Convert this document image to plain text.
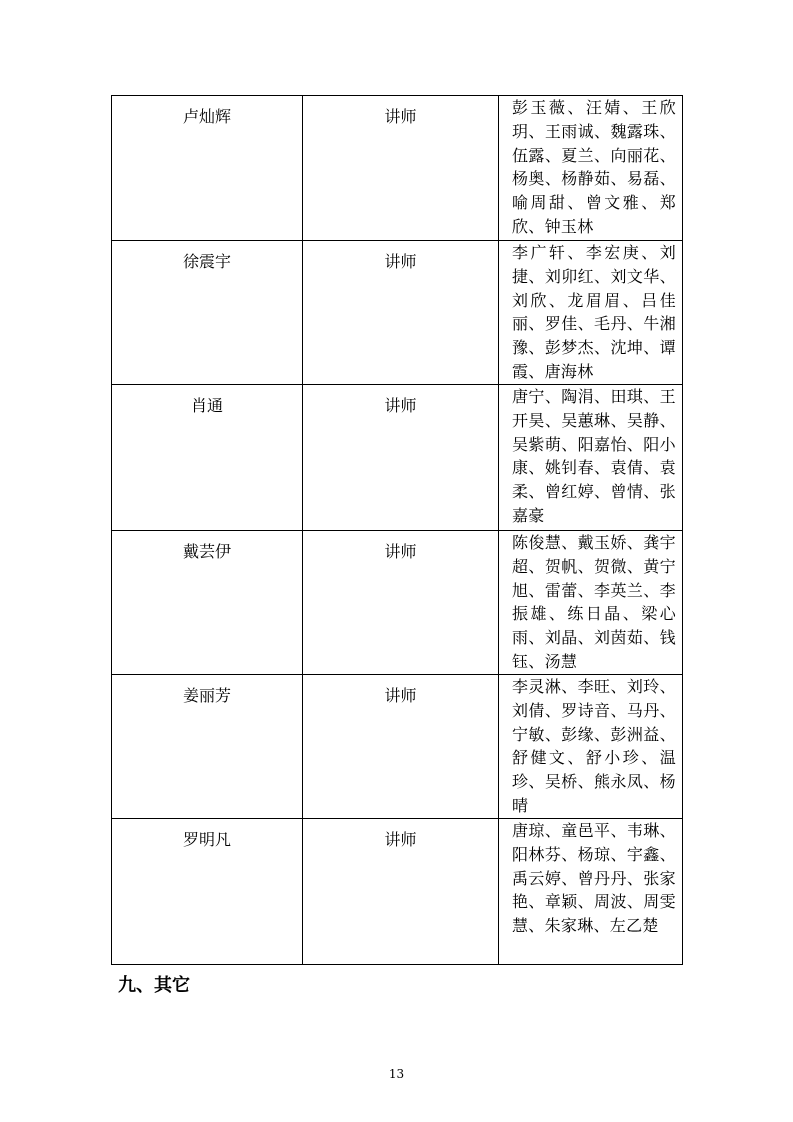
卢灿辉	讲师	彭玉薇、汪婧、王欣玥、王雨诚、魏露珠、伍露、夏兰、向丽花、杨奥、杨静茹、易磊、喻周甜、曾文雅、郑欣、钟玉林
徐震宇	讲师	李广轩、李宏庚、刘捷、刘卯红、刘文华、刘欣、龙眉眉、吕佳丽、罗佳、毛丹、牛湘豫、彭梦杰、沈坤、谭霞、唐海林
肖通	讲师	唐宁、陶涓、田琪、王开昊、吴蕙琳、吴静、吴紫萌、阳嘉怡、阳小康、姚钊春、袁倩、袁柔、曾红婷、曾情、张嘉豪
戴芸伊	讲师	陈俊慧、戴玉娇、龚宇超、贺帆、贺微、黄宁旭、雷蕾、李英兰、李振雄、练日晶、梁心雨、刘晶、刘茵茹、钱钰、汤慧
姜丽芳	讲师	李灵淋、李旺、刘玲、刘倩、罗诗音、马丹、宁敏、彭缘、彭洲益、舒健文、舒小珍、温珍、吴桥、熊永凤、杨晴
罗明凡	讲师	唐琼、童邑平、韦琳、阳林芬、杨琼、宇鑫、禹云婷、曾丹丹、张家艳、章颖、周波、周雯慧、朱家琳、左乙楚
九、其它
13
